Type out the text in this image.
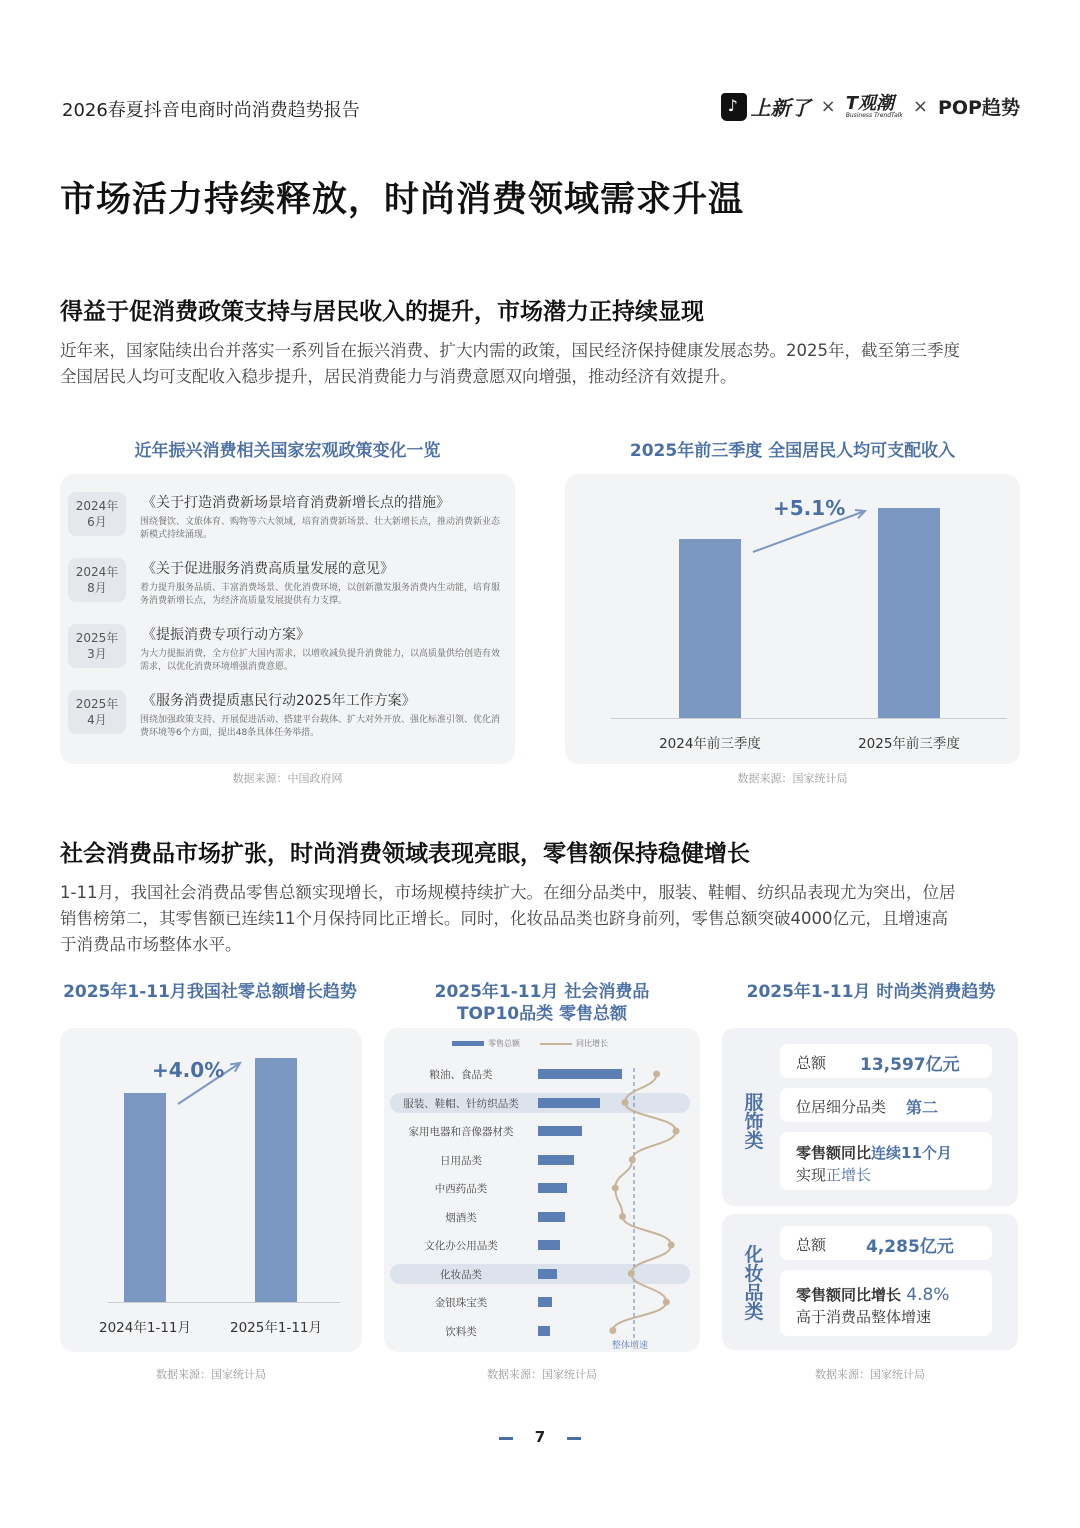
2026春夏抖音电商时尚消费趋势报告
♪	上新了 × T观潮
Business TrendTalk × POP趋势
市场活力持续释放，时尚消费领域需求升温
得益于促消费政策支持与居民收入的提升，市场潜力正持续显现
近年来，国家陆续出台并落实一系列旨在振兴消费、扩大内需的政策，国民经济保持健康发展态势。2025年，截至第三季度
全国居民人均可支配收入稳步提升，居民消费能力与消费意愿双向增强，推动经济有效提升。
近年振兴消费相关国家宏观政策变化一览
2024年
6月
《关于打造消费新场景培育消费新增长点的措施》
围绕餐饮、文旅体育、购物等六大领域，培育消费新场景、壮大新增长点，推动消费新业态新模式持续涌现。
2024年
8月
《关于促进服务消费高质量发展的意见》
着力提升服务品质、丰富消费场景、优化消费环境，以创新激发服务消费内生动能，培育服务消费新增长点，为经济高质量发展提供有力支撑。
2025年
3月
《提振消费专项行动方案》
为大力提振消费，全方位扩大国内需求，以增收减负提升消费能力，以高质量供给创造有效需求，以优化消费环境增强消费意愿。
2025年
4月
《服务消费提质惠民行动2025年工作方案》
围绕加强政策支持、开展促进活动、搭建平台载体、扩大对外开放、强化标准引领、优化消费环境等6个方面，提出48条具体任务举措。
数据来源：中国政府网
2025年前三季度 全国居民人均可支配收入
2024年前三季度	2025年前三季度
+5.1%
数据来源：国家统计局
社会消费品市场扩张，时尚消费领域表现亮眼，零售额保持稳健增长
1-11月，我国社会消费品零售总额实现增长，市场规模持续扩大。在细分品类中，服装、鞋帽、纺织品表现尤为突出，位居
销售榜第二，其零售额已连续11个月保持同比正增长。同时，化妆品品类也跻身前列，零售总额突破4000亿元，且增速高
于消费品市场整体水平。
2025年1-11月我国社零总额增长趋势
2024年1-11月	2025年1-11月
+4.0%
数据来源：国家统计局
2025年1-11月 社会消费品
TOP10品类 零售总额
零售总额	同比增长
粮油、食品类
服装、鞋帽、针纺织品类
家用电器和音像器材类
日用品类
中西药品类
烟酒类
文化办公用品类
化妆品类
金银珠宝类
饮料类
整体增速
数据来源：国家统计局
2025年1-11月 时尚类消费趋势
服饰类
总额 13,597亿元
位居细分品类 第二
零售额同比连续11个月
实现正增长
化妆品类
总额 4,285亿元
零售额同比增长 4.8%
高于消费品整体增速
数据来源：国家统计局
7
